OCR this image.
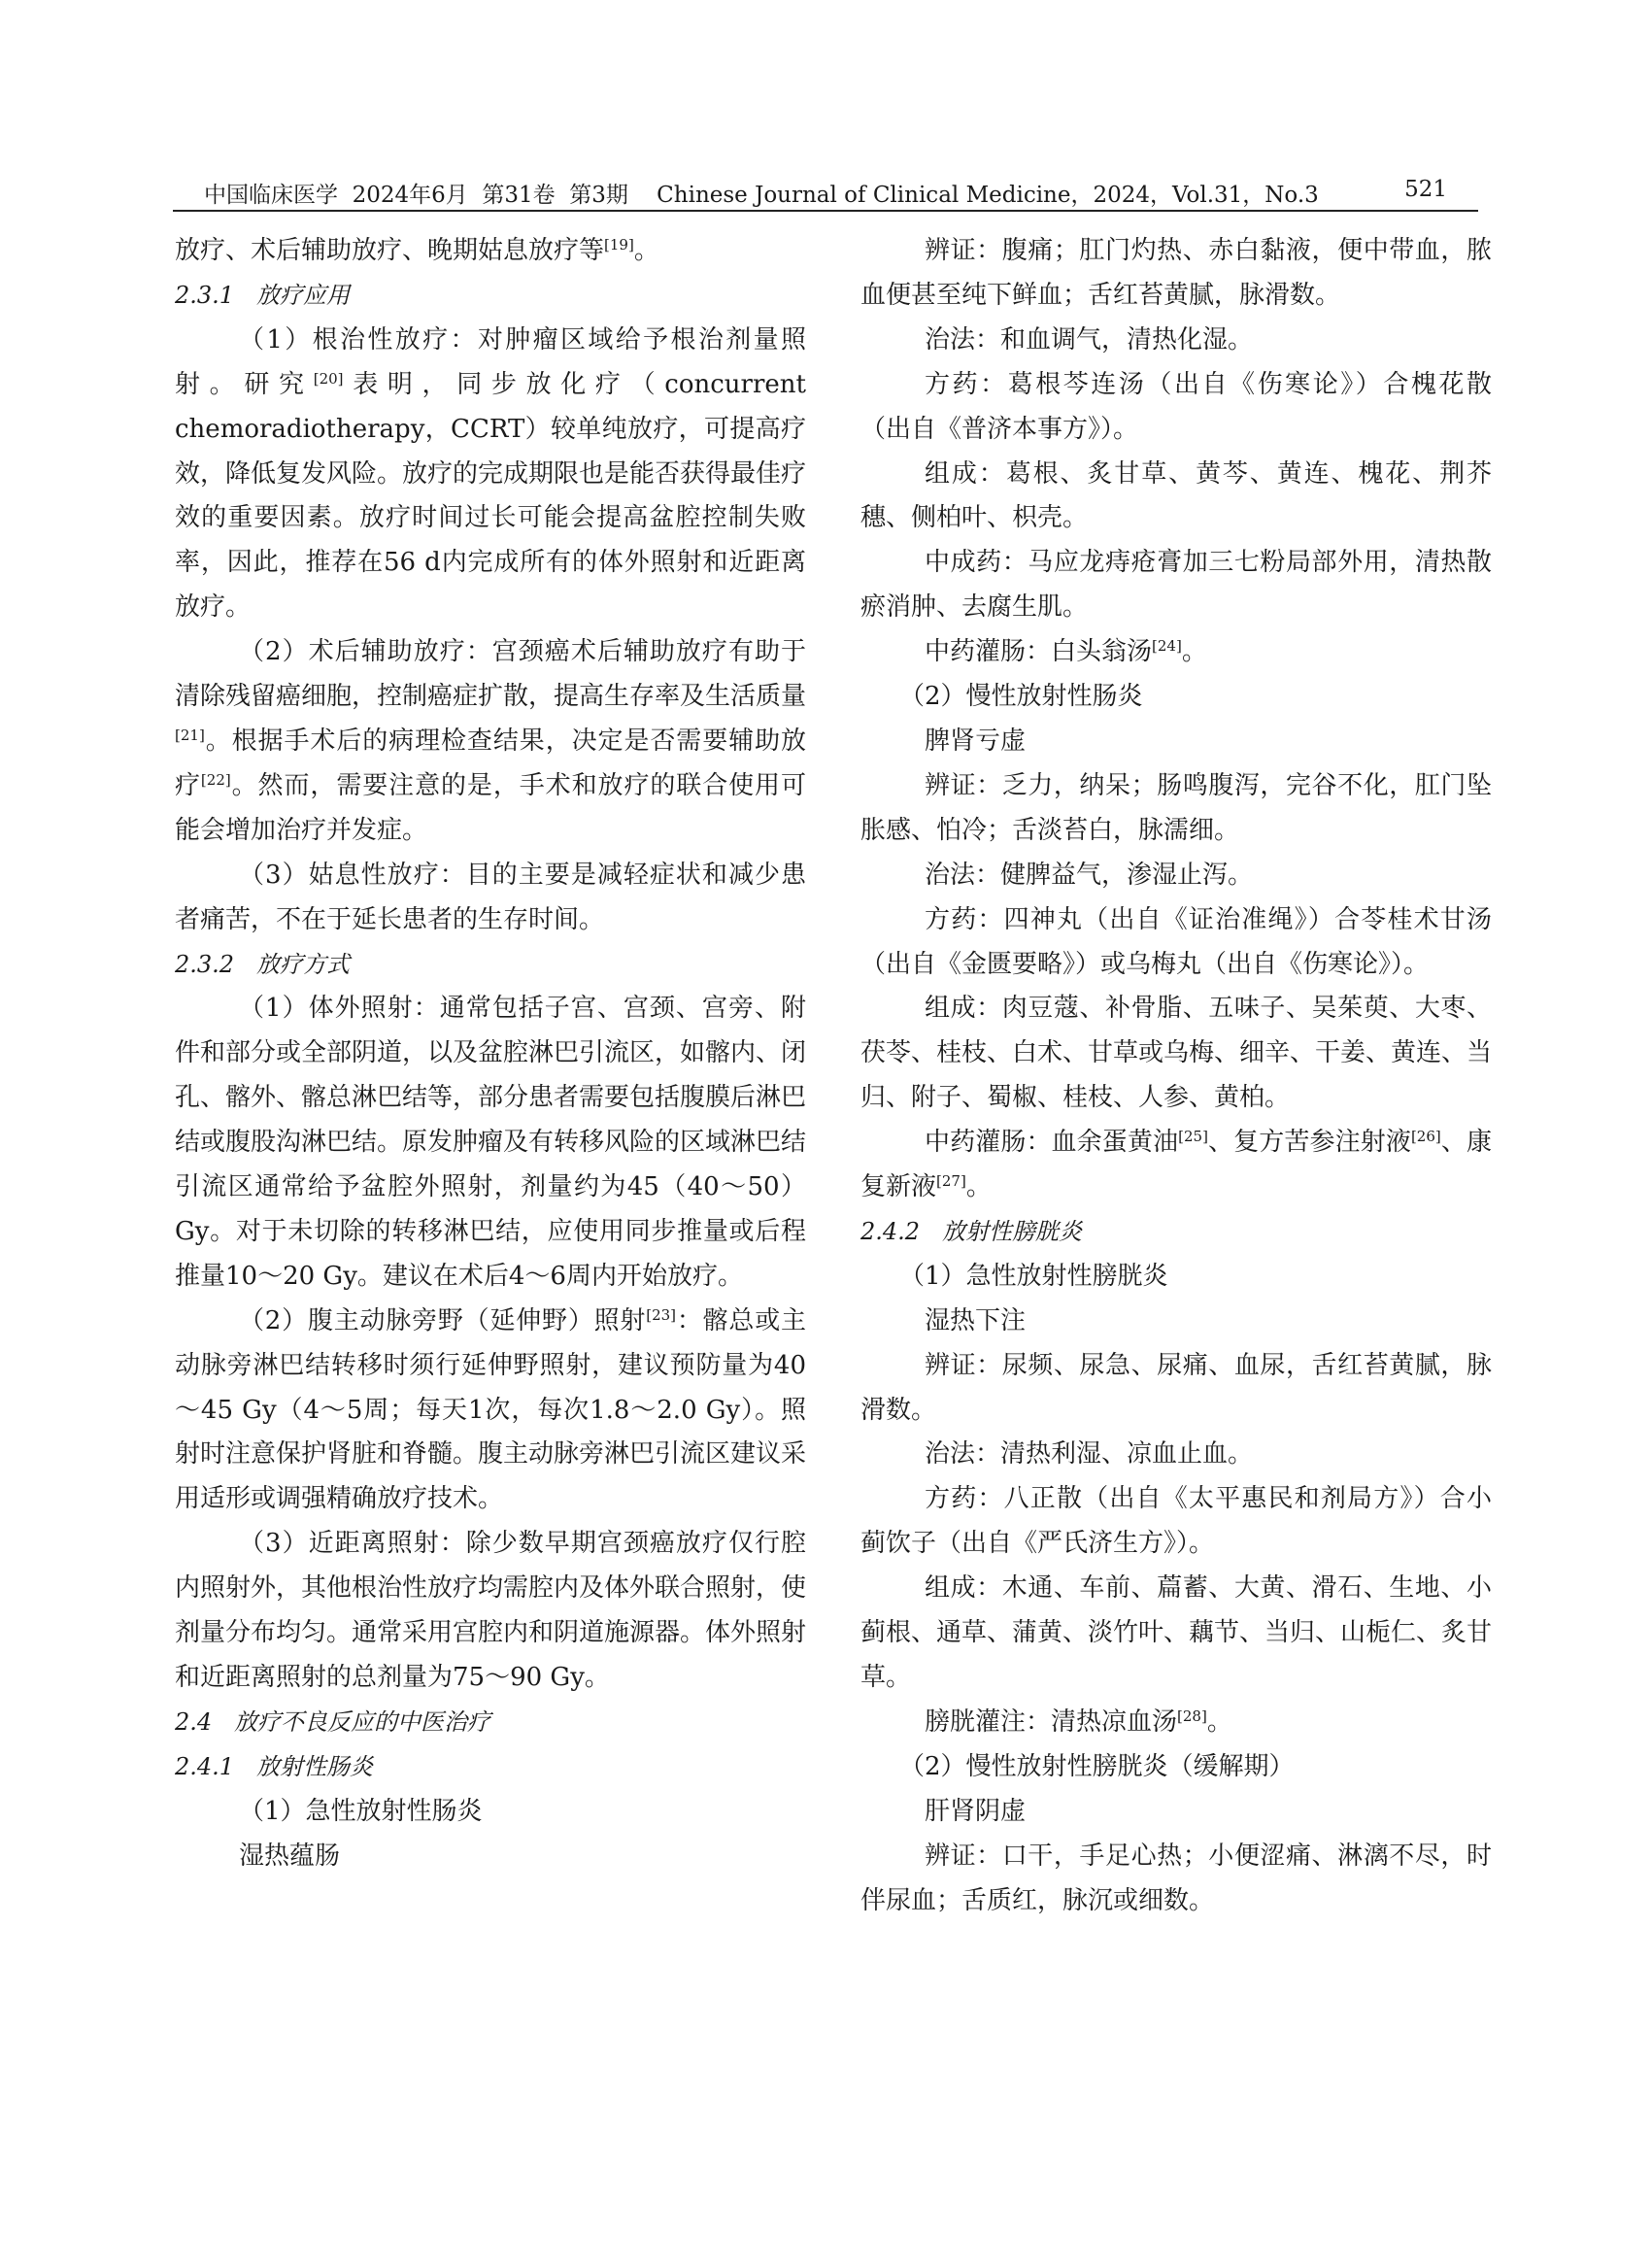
中国临床医学  2024年6月  第31卷  第3期    Chinese Journal of Clinical Medicine，2024，Vol.31，No.3	521

放疗、术后辅助放疗、晚期姑息放疗等[19]。

2.3.1   放疗应用

（1）根治性放疗：对肿瘤区域给予根治剂量照射。研究[20]表明，同步放化疗（concurrent chemoradiotherapy，CCRT）较单纯放疗，可提高疗效，降低复发风险。放疗的完成期限也是能否获得最佳疗效的重要因素。放疗时间过长可能会提高盆腔控制失败率，因此，推荐在56 d内完成所有的体外照射和近距离放疗。

（2）术后辅助放疗：宫颈癌术后辅助放疗有助于清除残留癌细胞，控制癌症扩散，提高生存率及生活质量[21]。根据手术后的病理检查结果，决定是否需要辅助放疗[22]。然而，需要注意的是，手术和放疗的联合使用可能会增加治疗并发症。

（3）姑息性放疗：目的主要是减轻症状和减少患者痛苦，不在于延长患者的生存时间。

2.3.2   放疗方式

（1）体外照射：通常包括子宫、宫颈、宫旁、附件和部分或全部阴道，以及盆腔淋巴引流区，如髂内、闭孔、髂外、髂总淋巴结等，部分患者需要包括腹膜后淋巴结或腹股沟淋巴结。原发肿瘤及有转移风险的区域淋巴结引流区通常给予盆腔外照射，剂量约为45（40～50）Gy。对于未切除的转移淋巴结，应使用同步推量或后程推量10～20 Gy。建议在术后4～6周内开始放疗。

（2）腹主动脉旁野（延伸野）照射[23]：髂总或主动脉旁淋巴结转移时须行延伸野照射，建议预防量为40～45 Gy（4～5周；每天1次，每次1.8～2.0 Gy）。照射时注意保护肾脏和脊髓。腹主动脉旁淋巴引流区建议采用适形或调强精确放疗技术。

（3）近距离照射：除少数早期宫颈癌放疗仅行腔内照射外，其他根治性放疗均需腔内及体外联合照射，使剂量分布均匀。通常采用宫腔内和阴道施源器。体外照射和近距离照射的总剂量为75～90 Gy。

2.4   放疗不良反应的中医治疗

2.4.1   放射性肠炎

（1）急性放射性肠炎

湿热蕴肠

辨证：腹痛；肛门灼热、赤白黏液，便中带血，脓血便甚至纯下鲜血；舌红苔黄腻，脉滑数。

治法：和血调气，清热化湿。

方药：葛根芩连汤（出自《伤寒论》）合槐花散（出自《普济本事方》）。

组成：葛根、炙甘草、黄芩、黄连、槐花、荆芥穗、侧柏叶、枳壳。

中成药：马应龙痔疮膏加三七粉局部外用，清热散瘀消肿、去腐生肌。

中药灌肠：白头翁汤[24]。

（2）慢性放射性肠炎

脾肾亏虚

辨证：乏力，纳呆；肠鸣腹泻，完谷不化，肛门坠胀感、怕冷；舌淡苔白，脉濡细。

治法：健脾益气，渗湿止泻。

方药：四神丸（出自《证治准绳》）合苓桂术甘汤（出自《金匮要略》）或乌梅丸（出自《伤寒论》）。

组成：肉豆蔻、补骨脂、五味子、吴茱萸、大枣、茯苓、桂枝、白术、甘草或乌梅、细辛、干姜、黄连、当归、附子、蜀椒、桂枝、人参、黄柏。

中药灌肠：血余蛋黄油[25]、复方苦参注射液[26]、康复新液[27]。

2.4.2   放射性膀胱炎

（1）急性放射性膀胱炎

湿热下注

辨证：尿频、尿急、尿痛、血尿，舌红苔黄腻，脉滑数。

治法：清热利湿、凉血止血。

方药：八正散（出自《太平惠民和剂局方》）合小蓟饮子（出自《严氏济生方》）。

组成：木通、车前、萹蓄、大黄、滑石、生地、小蓟根、通草、蒲黄、淡竹叶、藕节、当归、山栀仁、炙甘草。

膀胱灌注：清热凉血汤[28]。

（2）慢性放射性膀胱炎（缓解期）

肝肾阴虚

辨证：口干，手足心热；小便涩痛、淋漓不尽，时伴尿血；舌质红，脉沉或细数。
